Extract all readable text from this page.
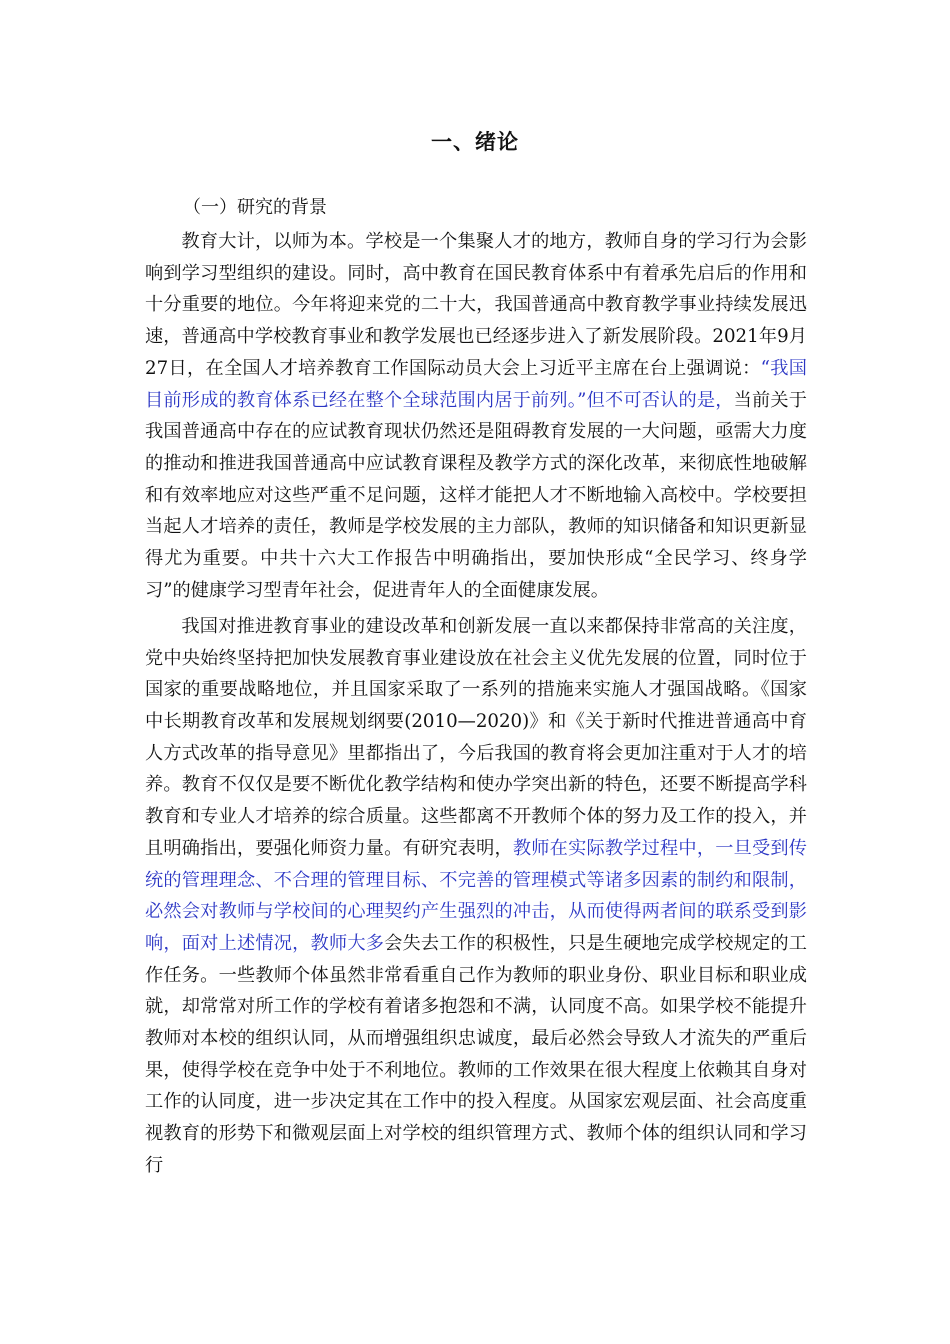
一、绪论
（一）研究的背景

教育大计，以师为本。学校是一个集聚人才的地方，教师自身的学习行为会影响到学习型组织的建设。同时，高中教育在国民教育体系中有着承先启后的作用和十分重要的地位。今年将迎来党的二十大，我国普通高中教育教学事业持续发展迅速，普通高中学校教育事业和教学发展也已经逐步进入了新发展阶段。2021年9月27日，在全国人才培养教育工作国际动员大会上习近平主席在台上强调说：“我国目前形成的教育体系已经在整个全球范围内居于前列。”但不可否认的是，当前关于我国普通高中存在的应试教育现状仍然还是阻碍教育发展的一大问题，亟需大力度的推动和推进我国普通高中应试教育课程及教学方式的深化改革，来彻底性地破解和有效率地应对这些严重不足问题，这样才能把人才不断地输入高校中。学校要担当起人才培养的责任，教师是学校发展的主力部队，教师的知识储备和知识更新显得尤为重要。中共十六大工作报告中明确指出，要加快形成“全民学习、终身学习”的健康学习型青年社会，促进青年人的全面健康发展。

我国对推进教育事业的建设改革和创新发展一直以来都保持非常高的关注度，党中央始终坚持把加快发展教育事业建设放在社会主义优先发展的位置，同时位于国家的重要战略地位，并且国家采取了一系列的措施来实施人才强国战略。《国家中长期教育改革和发展规划纲要(2010—2020)》和《关于新时代推进普通高中育人方式改革的指导意见》里都指出了，今后我国的教育将会更加注重对于人才的培养。教育不仅仅是要不断优化教学结构和使办学突出新的特色，还要不断提高学科教育和专业人才培养的综合质量。这些都离不开教师个体的努力及工作的投入，并且明确指出，要强化师资力量。有研究表明，教师在实际教学过程中，一旦受到传统的管理理念、不合理的管理目标、不完善的管理模式等诸多因素的制约和限制，必然会对教师与学校间的心理契约产生强烈的冲击，从而使得两者间的联系受到影响，面对上述情况，教师大多会失去工作的积极性，只是生硬地完成学校规定的工作任务。一些教师个体虽然非常看重自己作为教师的职业身份、职业目标和职业成就，却常常对所工作的学校有着诸多抱怨和不满，认同度不高。如果学校不能提升教师对本校的组织认同，从而增强组织忠诚度，最后必然会导致人才流失的严重后果，使得学校在竞争中处于不利地位。教师的工作效果在很大程度上依赖其自身对工作的认同度，进一步决定其在工作中的投入程度。从国家宏观层面、社会高度重视教育的形势下和微观层面上对学校的组织管理方式、教师个体的组织认同和学习行
